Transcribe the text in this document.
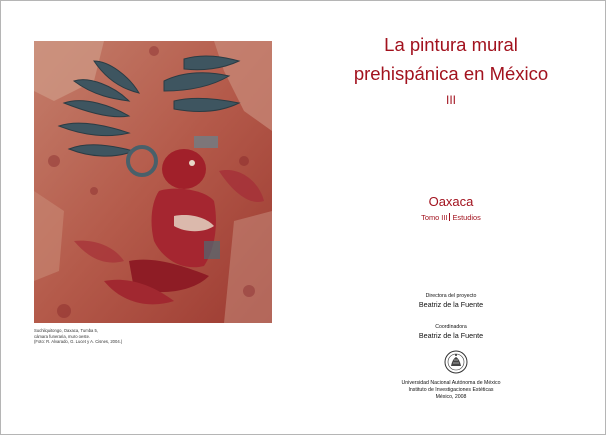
Suchilquitongo, Oaxaca, Tumba 5,
cámara funeraria, muro oeste.
(Foto: R. Alvarado, G. Lucet y A. Cisnes, 2004.)
La pintura mural
prehispánica en México
III
Oaxaca
Tomo III Estudios
Directora del proyecto
Beatriz de la Fuente
Coordinadora
Beatriz de la Fuente
Universidad Nacional Autónoma de México
Instituto de Investigaciones Estéticas
México, 2008
